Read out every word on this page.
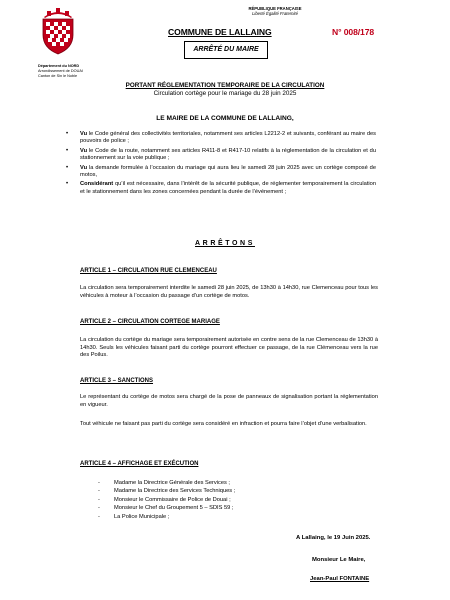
RÉPUBLIQUE FRANÇAISE
Liberté Égalité Fraternité
COMMUNE DE LALLAING	N° 008/178
ARRÊTÉ DU MAIRE
Département du NORD
Arrondissement de DOUAI
Canton de Sin le Noble
PORTANT RÉGLEMENTATION TEMPORAIRE DE LA CIRCULATION
Circulation cortège pour le mariage du 28 juin 2025
LE MAIRE DE LA COMMUNE DE LALLAING,
• Vu le Code général des collectivités territoriales, notamment ses articles L2212-2 et suivants, conférant au maire des pouvoirs de police ;
• Vu le Code de la route, notamment ses articles R411-8 et R417-10 relatifs à la réglementation de la circulation et du stationnement sur la voie publique ;
• Vu la demande formulée à l’occasion du mariage qui aura lieu le samedi 28 juin 2025 avec un cortège composé de motos,
• Considérant qu’il est nécessaire, dans l’intérêt de la sécurité publique, de réglementer temporairement la circulation et le stationnement dans les zones concernées pendant la durée de l’événement ;
ARRÊTONS
ARTICLE 1 – CIRCULATION RUE CLEMENCEAU
La circulation sera temporairement interdite le samedi 28 juin 2025, de 13h30 à 14h30, rue Clemenceau pour tous les véhicules à moteur à l’occasion du passage d’un cortège de motos.
ARTICLE 2 – CIRCULATION CORTEGE MARIAGE
La circulation du cortège du mariage sera temporairement autorisée en contre sens de la rue Clemenceau de 13h30 à 14h30. Seuls les véhicules faisant parti du cortège pourront effectuer ce passage, de la rue Clémenceau vers la rue des Poilus.
ARTICLE 3 – SANCTIONS
Le représentant du cortège de motos sera chargé de la pose de panneaux de signalisation portant la réglementation en vigueur.
Tout véhicule ne faisant pas parti du cortège sera considéré en infraction et pourra faire l’objet d’une verbalisation.
ARTICLE 4 – AFFICHAGE ET EXÉCUTION
- Madame la Directrice Générale des Services ;
- Madame la Directrice des Services Techniques ;
- Monsieur le Commissaire de Police de Douai ;
- Monsieur le Chef du Groupement 5 – SDIS 59 ;
- La Police Municipale ;
A Lallaing, le 19 Juin 2025.
Monsieur Le Maire,
Jean-Paul FONTAINE
